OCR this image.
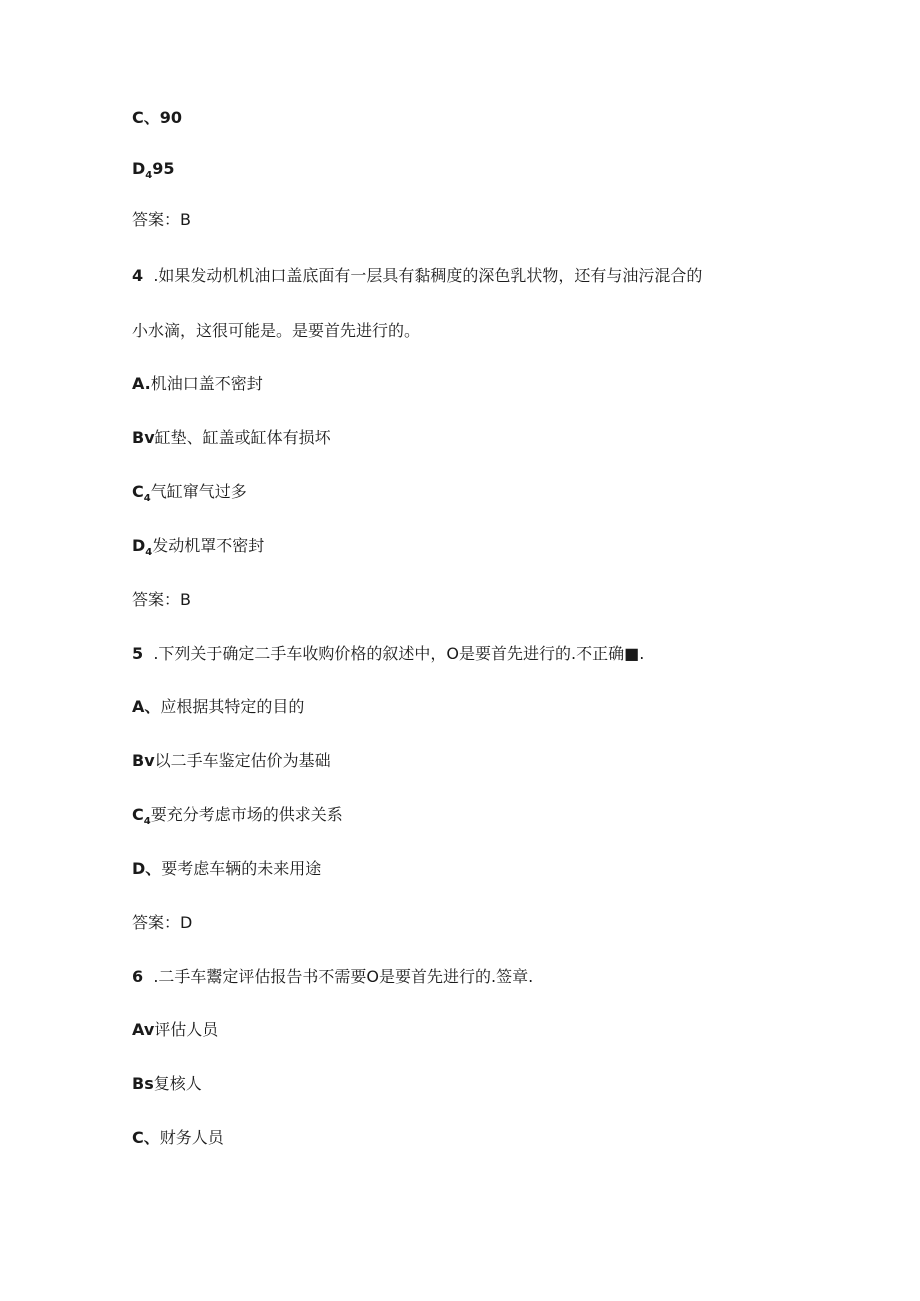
C、90
$D_495$
答案：B
4  .如果发动机机油口盖底面有一层具有黏稠度的深色乳状物，还有与油污混合的
小水滴，这很可能是。是要首先进行的。
A.机油口盖不密封
Bv缸垫、缸盖或缸体有损坏
$C_4$气缸窜气过多
$D_4$发动机罩不密封
答案：B
5  .下列关于确定二手车收购价格的叙述中，O是要首先进行的.不正确■.
A、应根据其特定的目的
Bv以二手车鉴定估价为基础
$C_4$要充分考虑市场的供求关系
D、要考虑车辆的未来用途
答案：D
6  .二手车鬻定评估报告书不需要O是要首先进行的.签章.
Av评估人员
Bs复核人
C、财务人员
